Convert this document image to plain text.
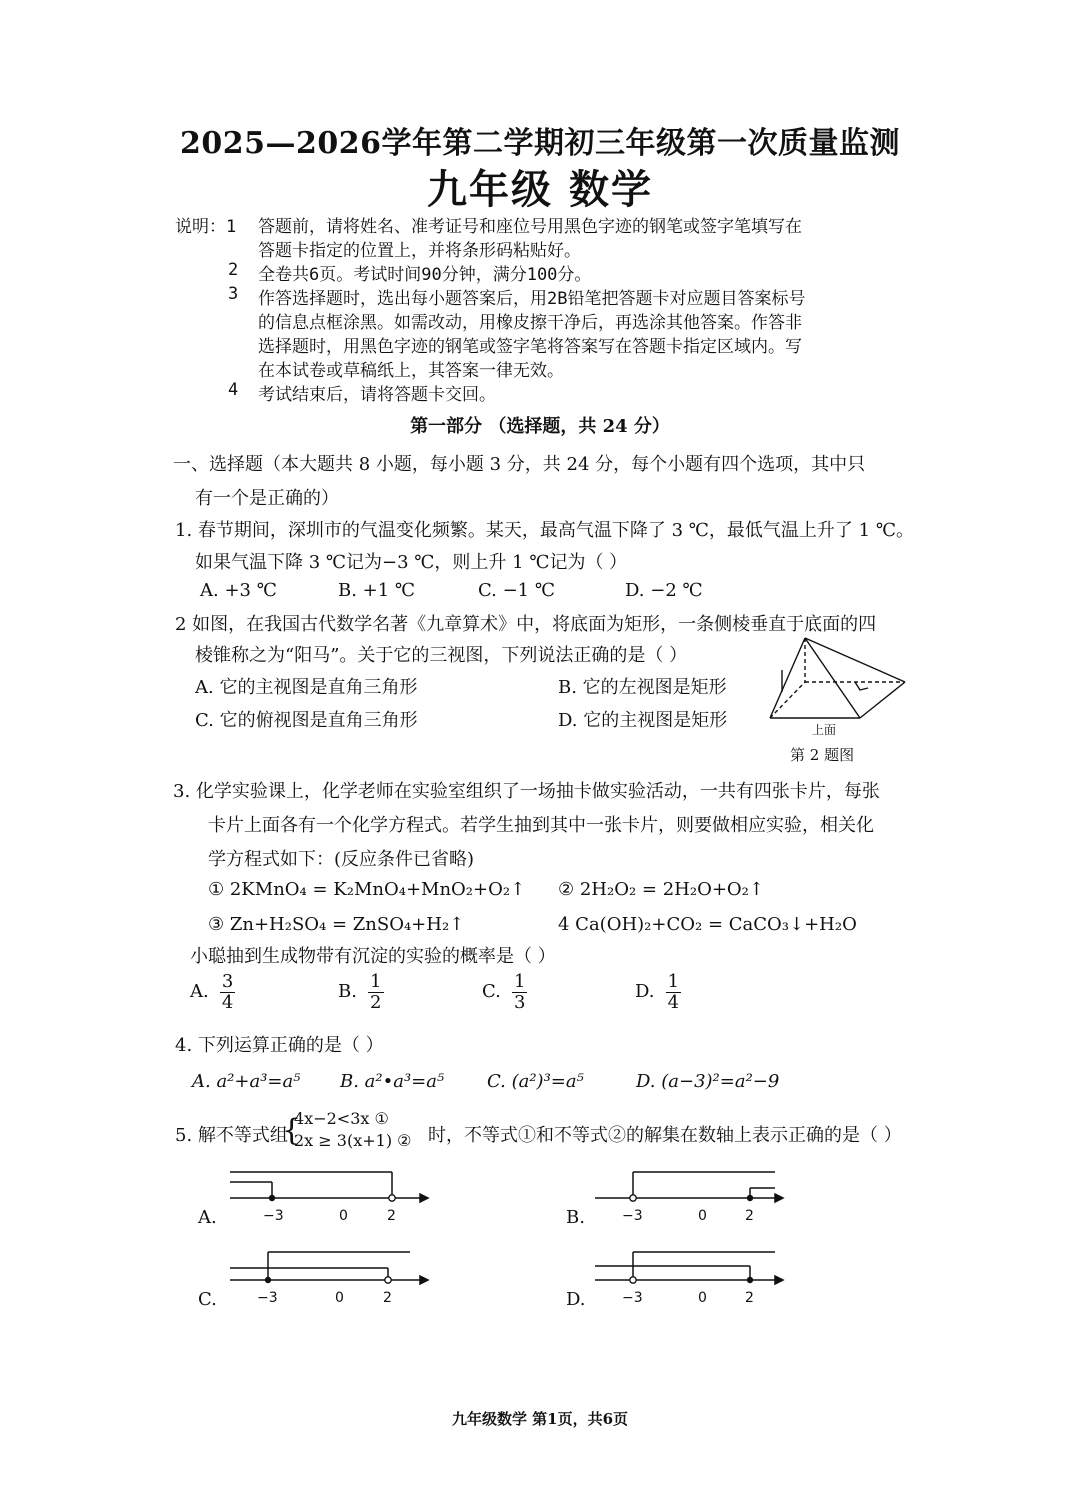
2025—2026学年第二学期初三年级第一次质量监测
九年级 数学
说明：1 答题前，请将姓名、准考证号和座位号用黑色字迹的钢笔或签字笔填写在
答题卡指定的位置上，并将条形码粘贴好。
2 全卷共6页。考试时间90分钟，满分100分。
3 作答选择题时，选出每小题答案后，用2B铅笔把答题卡对应题目答案标号
的信息点框涂黑。如需改动，用橡皮擦干净后，再选涂其他答案。作答非
选择题时，用黑色字迹的钢笔或签字笔将答案写在答题卡指定区域内。写
在本试卷或草稿纸上，其答案一律无效。
4 考试结束后，请将答题卡交回。
第一部分 （选择题，共 24 分）
一、选择题（本大题共 8 小题，每小题 3 分，共 24 分，每个小题有四个选项，其中只
有一个是正确的）
1. 春节期间，深圳市的气温变化频繁。某天，最高气温下降了 3 ℃，最低气温上升了 1 ℃。
如果气温下降 3 ℃记为−3 ℃，则上升 1 ℃记为（ ）
A. +3 ℃	B. +1 ℃	C. −1 ℃	D. −2 ℃
2 如图，在我国古代数学名著《九章算术》中，将底面为矩形，一条侧棱垂直于底面的四
棱锥称之为“阳马”。关于它的三视图，下列说法正确的是（ ）
A. 它的主视图是直角三角形	B. 它的左视图是矩形
C. 它的俯视图是直角三角形	D. 它的主视图是矩形	上面
第 2 题图
3. 化学实验课上，化学老师在实验室组织了一场抽卡做实验活动，一共有四张卡片，每张
卡片上面各有一个化学方程式。若学生抽到其中一张卡片，则要做相应实验，相关化
学方程式如下：(反应条件已省略)
① 2KMnO₄ = K₂MnO₄+MnO₂+O₂↑ ② 2H₂O₂ = 2H₂O+O₂↑
③ Zn+H₂SO₄ = ZnSO₄+H₂↑	4 Ca(OH)₂+CO₂ = CaCO₃↓+H₂O
小聪抽到生成物带有沉淀的实验的概率是（ ）
A. $\frac{3}{4}$	B. $\frac{1}{2}$	C. $\frac{1}{3}$	D. $\frac{1}{4}$
4. 下列运算正确的是（ ）
A. a²+a³=a⁵ B. a²•a³=a⁵ C. (a²)³=a⁵	D. (a−3)²=a²−9
5. 解不等式组
{
4x−2<3x ①
2x ≥ 3(x+1) ② 时，不等式①和不等式②的解集在数轴上表示正确的是（ ）
A.	−3	0	2	B.	−3	0	2
C.	−3	0	2	D.	−3	0	2
九年级数学 第1页，共6页
